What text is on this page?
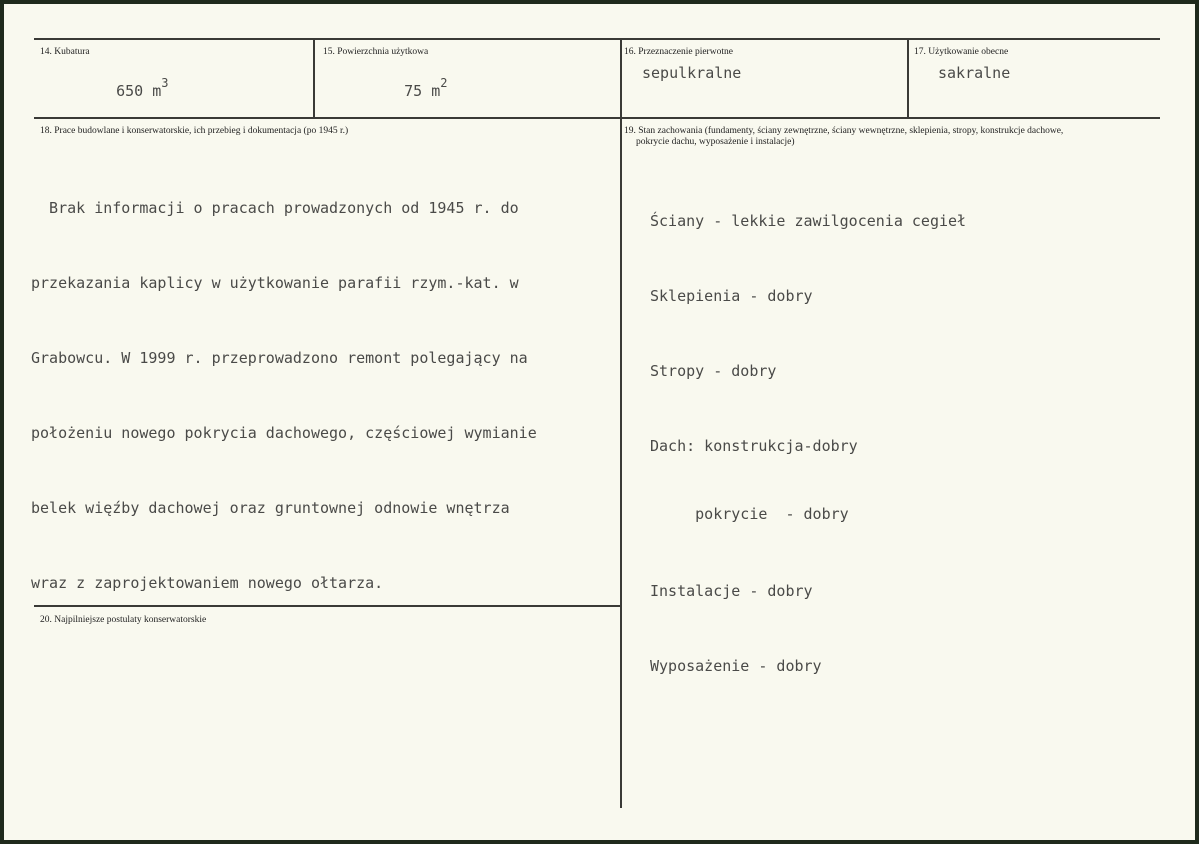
14. Kubatura

650 $m^3$

15. Powierzchnia użytkowa

75 $m^2$

16. Przeznaczenie pierwotne
sepulkralne
17. Użytkowanie obecne
sakralne
18. Prace budowlane i konserwatorskie, ich przebieg i dokumentacja (po 1945 r.)

Brak informacji o pracach prowadzonych od 1945 r. do

przekazania kaplicy w użytkowanie parafii rzym.-kat. w

Grabowcu. W 1999 r. przeprowadzono remont polegający na

położeniu nowego pokrycia dachowego, częściowej wymianie

belek więźby dachowej oraz gruntownej odnowie wnętrza

wraz z zaprojektowaniem nowego ołtarza.

19. Stan zachowania (fundamenty, ściany zewnętrzne, ściany wewnętrzne, sklepienia, stropy, konstrukcje dachowe,
pokrycie dachu, wyposażenie i instalacje)

Ściany - lekkie zawilgocenia cegieł

Sklepienia - dobry

Stropy - dobry

Dach: konstrukcja-dobry

pokrycie  - dobry

Instalacje - dobry

Wyposażenie - dobry

20. Najpilniejsze postulaty konserwatorskie
